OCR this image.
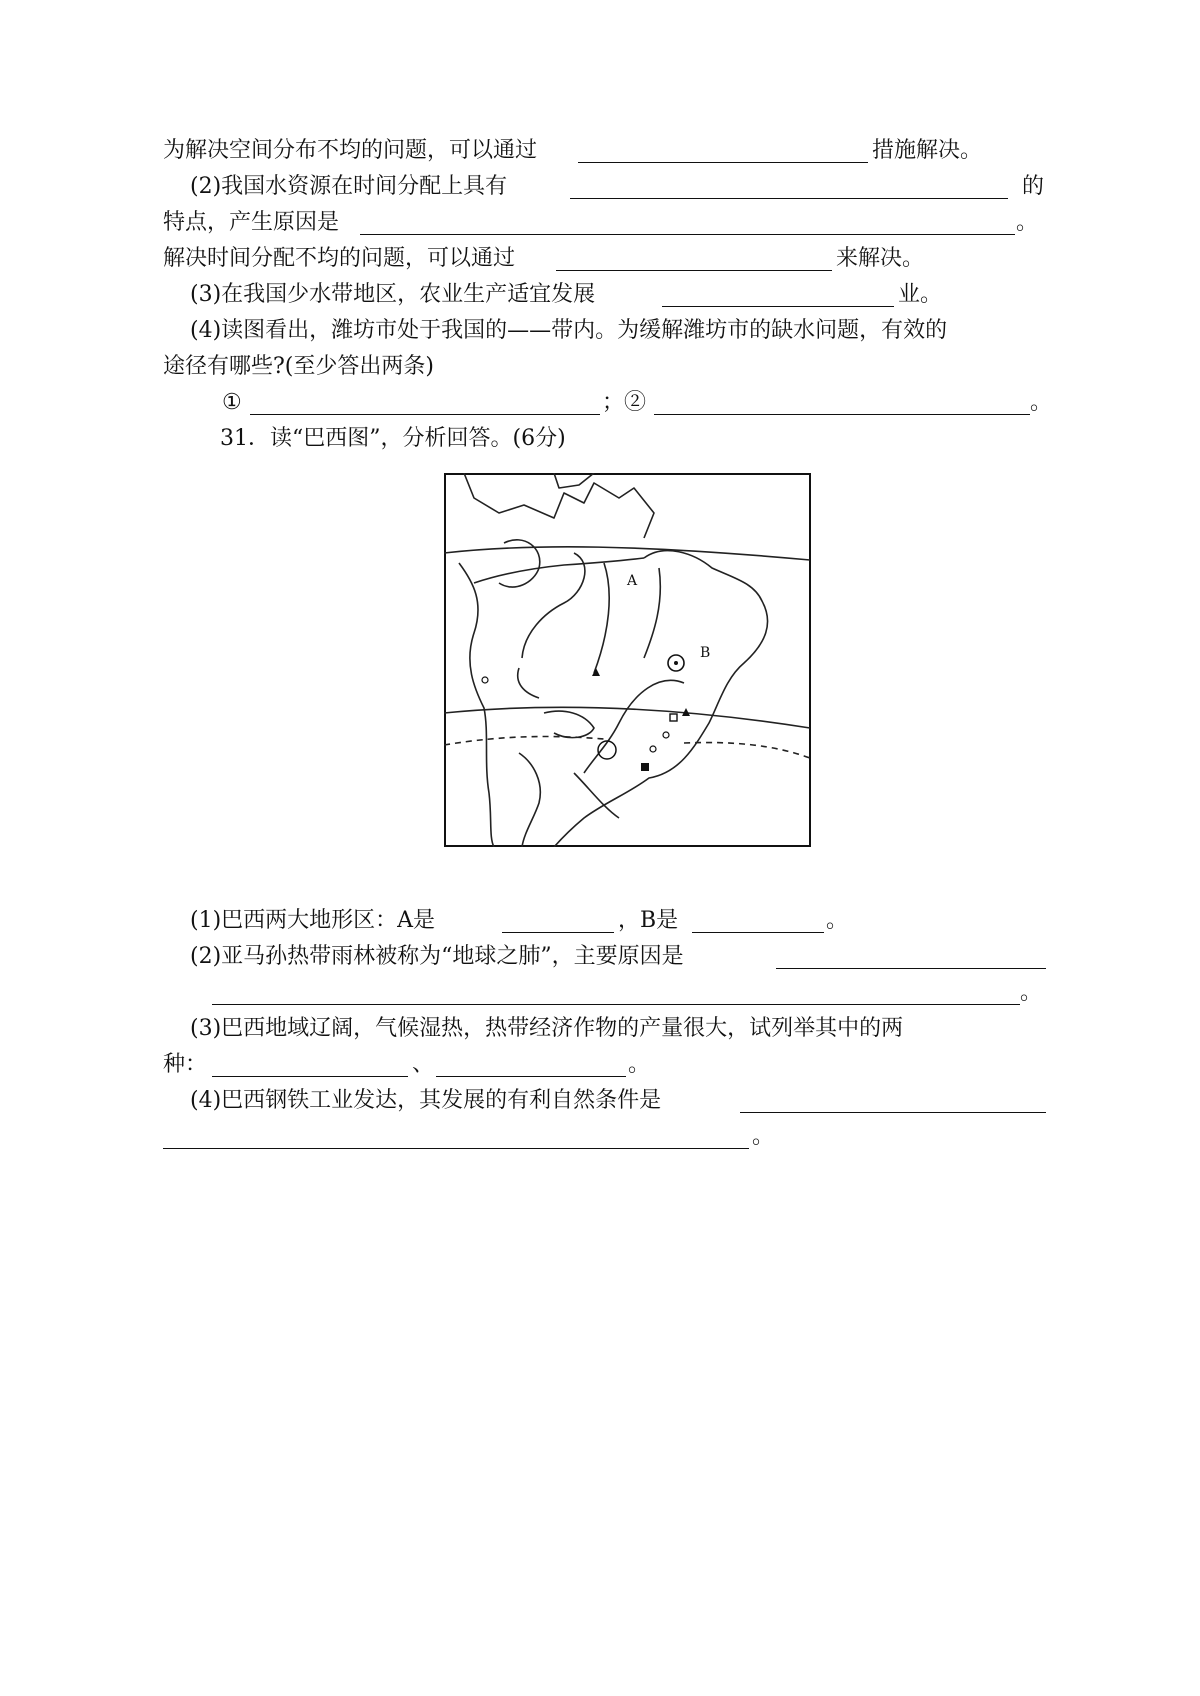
为解决空间分布不均的问题，可以通过	措施解决。
(2)我国水资源在时间分配上具有	的
特点，产生原因是	。
解决时间分配不均的问题，可以通过	来解决。
(3)在我国少水带地区，农业生产适宜发展	业。
(4)读图看出，潍坊市处于我国的——带内。为缓解潍坊市的缺水问题，有效的
途径有哪些?(至少答出两条)
①	；②	。
31．读“巴西图”，分析回答。(6分)
A
B
(1)巴西两大地形区：A是	，B是	。
(2)亚马孙热带雨林被称为“地球之肺”，主要原因是
。
(3)巴西地域辽阔，气候湿热，热带经济作物的产量很大，试列举其中的两
种：	、	。
(4)巴西钢铁工业发达，其发展的有利自然条件是
。
